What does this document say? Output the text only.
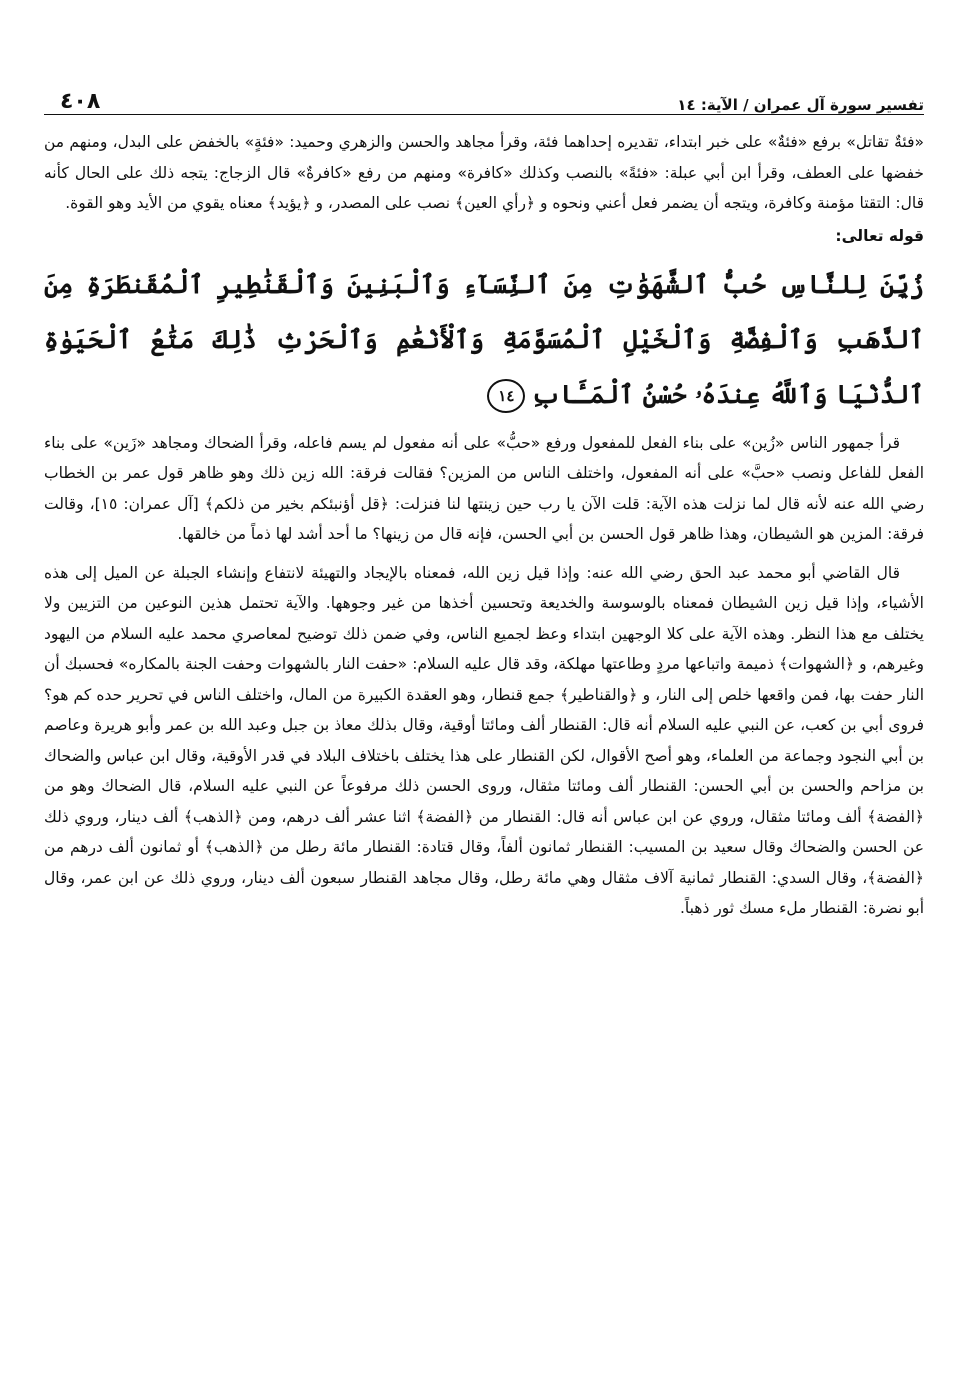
تفسير سورة آل عمران / الآية: ١٤
٤٠٨

«فئةٌ تقاتل» برفع «فئةٌ» على خبر ابتداء، تقديره إحداهما فئة، وقرأ مجاهد والحسن والزهري وحميد: «فئةٍ» بالخفض على البدل، ومنهم من خفضها على العطف، وقرأ ابن أبي عبلة: «فئةً» بالنصب وكذلك «كافرة» ومنهم من رفع «كافرةٌ» قال الزجاج: يتجه ذلك على الحال كأنه قال: التقتا مؤمنة وكافرة، ويتجه أن يضمر فعل أعني ونحوه و ﴿رأي العين﴾ نصب على المصدر، و ﴿يؤيد﴾ معناه يقوي من الأيد وهو القوة.

قوله تعالى:

زُيِّنَ لِلنَّاسِ حُبُّ ٱلشَّهَوَٰتِ مِنَ ٱلنِّسَآءِ وَٱلْبَنِينَ وَٱلْقَنَٰطِيرِ ٱلْمُقَنطَرَةِ مِنَ ٱلذَّهَبِ وَٱلْفِضَّةِ وَٱلْخَيْلِ ٱلْمُسَوَّمَةِ وَٱلْأَنْعَٰمِ وَٱلْحَرْثِ ذَٰلِكَ مَتَٰعُ ٱلْحَيَوٰةِ ٱلدُّنْيَا وَٱللَّهُ عِندَهُۥ حُسْنُ ٱلْمَـَٔابِ١٤

قرأ جمهور الناس «زُين» على بناء الفعل للمفعول ورفع «حبُّ» على أنه مفعول لم يسم فاعله، وقرأ الضحاك ومجاهد «زَين» على بناء الفعل للفاعل ونصب «حبَّ» على أنه المفعول، واختلف الناس من المزين؟ فقالت فرقة: الله زين ذلك وهو ظاهر قول عمر بن الخطاب رضي الله عنه لأنه قال لما نزلت هذه الآية: قلت الآن يا رب حين زينتها لنا فنزلت: ﴿قل أؤنبئكم بخير من ذلكم﴾ [آل عمران: ١٥]، وقالت فرقة: المزين هو الشيطان، وهذا ظاهر قول الحسن بن أبي الحسن، فإنه قال من زينها؟ ما أحد أشد لها ذماً من خالقها.

قال القاضي أبو محمد عبد الحق رضي الله عنه: وإذا قيل زين الله، فمعناه بالإيجاد والتهيئة لانتفاع وإنشاء الجبلة عن الميل إلى هذه الأشياء، وإذا قيل زين الشيطان فمعناه بالوسوسة والخديعة وتحسين أخذها من غير وجوهها. والآية تحتمل هذين النوعين من التزيين ولا يختلف مع هذا النظر. وهذه الآية على كلا الوجهين ابتداء وعظ لجميع الناس، وفي ضمن ذلك توضيح لمعاصري محمد عليه السلام من اليهود وغيرهم، و ﴿الشهوات﴾ ذميمة واتباعها مردٍ وطاعتها مهلكة، وقد قال عليه السلام: «حفت النار بالشهوات وحفت الجنة بالمكاره» فحسبك أن النار حفت بها، فمن واقعها خلص إلى النار، و ﴿والقناطير﴾ جمع قنطار، وهو العقدة الكبيرة من المال، واختلف الناس في تحرير حده كم هو؟ فروى أبي بن كعب، عن النبي عليه السلام أنه قال: القنطار ألف ومائتا أوقية، وقال بذلك معاذ بن جبل وعبد الله بن عمر وأبو هريرة وعاصم بن أبي النجود وجماعة من العلماء، وهو أصح الأقوال، لكن القنطار على هذا يختلف باختلاف البلاد في قدر الأوقية، وقال ابن عباس والضحاك بن مزاحم والحسن بن أبي الحسن: القنطار ألف ومائتا مثقال، وروى الحسن ذلك مرفوعاً عن النبي عليه السلام، قال الضحاك وهو من ﴿الفضة﴾ ألف ومائتا مثقال، وروي عن ابن عباس أنه قال: القنطار من ﴿الفضة﴾ اثنا عشر ألف درهم، ومن ﴿الذهب﴾ ألف دينار، وروي ذلك عن الحسن والضحاك وقال سعيد بن المسيب: القنطار ثمانون ألفاً، وقال قتادة: القنطار مائة رطل من ﴿الذهب﴾ أو ثمانون ألف درهم من ﴿الفضة﴾، وقال السدي: القنطار ثمانية آلاف مثقال وهي مائة رطل، وقال مجاهد القنطار سبعون ألف دينار، وروي ذلك عن ابن عمر، وقال أبو نضرة: القنطار ملء مسك ثور ذهباً.
